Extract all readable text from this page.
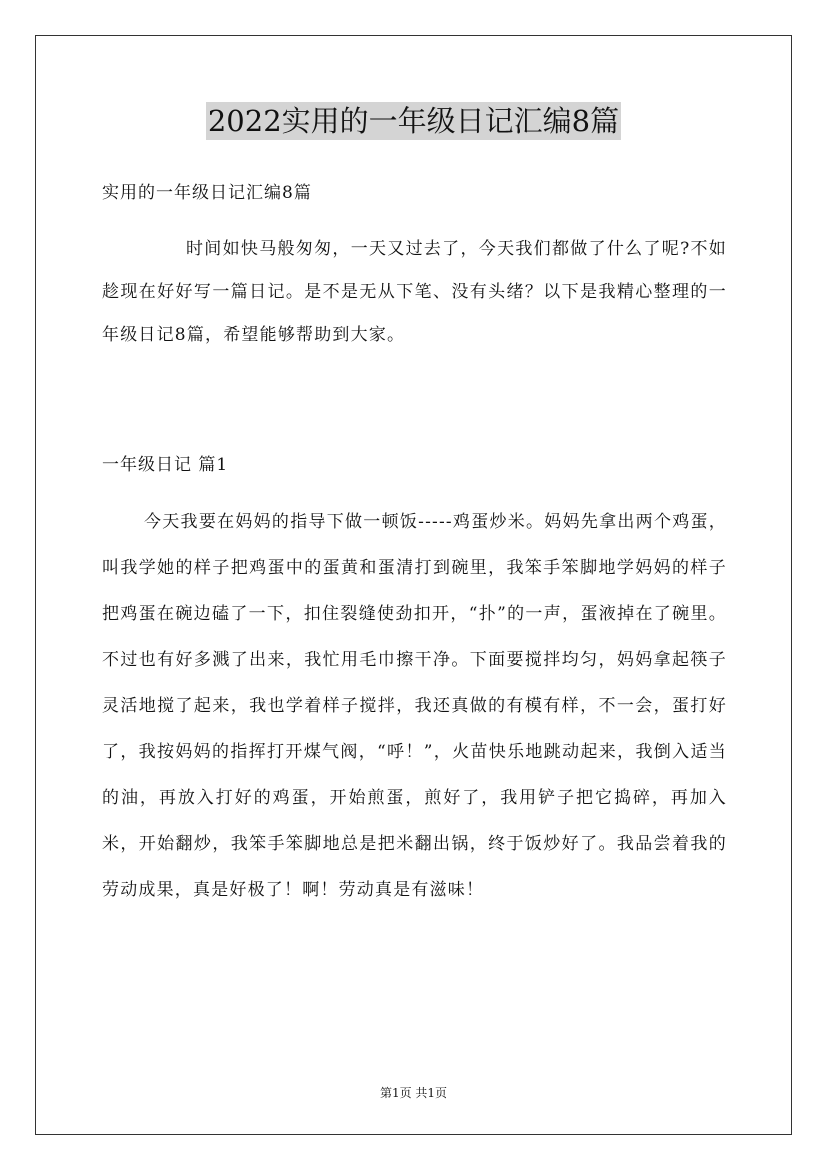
2022实用的一年级日记汇编8篇
实用的一年级日记汇编8篇
时间如快马般匆匆，一天又过去了，今天我们都做了什么了呢?不如趁现在好好写一篇日记。是不是无从下笔、没有头绪？以下是我精心整理的一年级日记8篇，希望能够帮助到大家。
一年级日记 篇1
今天我要在妈妈的指导下做一顿饭-----鸡蛋炒米。妈妈先拿出两个鸡蛋，叫我学她的样子把鸡蛋中的蛋黄和蛋清打到碗里，我笨手笨脚地学妈妈的样子把鸡蛋在碗边磕了一下，扣住裂缝使劲扣开，“扑”的一声，蛋液掉在了碗里。不过也有好多溅了出来，我忙用毛巾擦干净。下面要搅拌均匀，妈妈拿起筷子灵活地搅了起来，我也学着样子搅拌，我还真做的有模有样，不一会，蛋打好了，我按妈妈的指挥打开煤气阀，“呼！”，火苗快乐地跳动起来，我倒入适当的油，再放入打好的鸡蛋，开始煎蛋，煎好了，我用铲子把它捣碎，再加入米，开始翻炒，我笨手笨脚地总是把米翻出锅，终于饭炒好了。我品尝着我的劳动成果，真是好极了！啊！劳动真是有滋味！
第1页 共1页
